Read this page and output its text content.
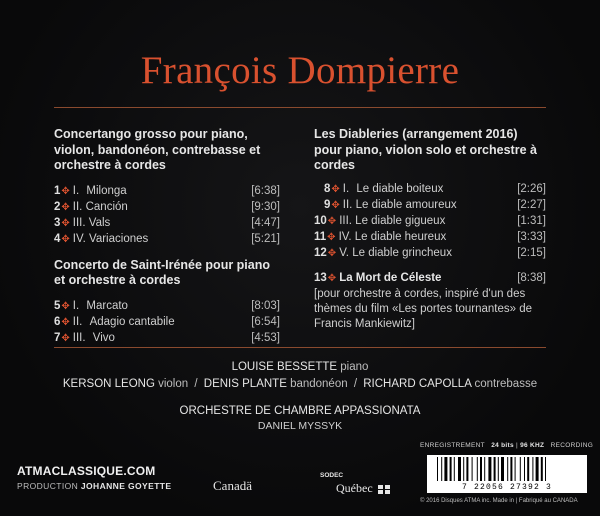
François Dompierre
Concertango grosso pour piano, violon, bandonéon, contrebasse et orchestre à cordes
1✥ I. Milonga	[6:38]
2✥ II. Canción	[9:30]
3✥ III. Vals	[4:47]
4✥ IV. Variaciones	[5:21]
Concerto de Saint-Irénée pour piano et orchestre à cordes
5✥ I. Marcato	[8:03]
6✥ II. Adagio cantabile	[6:54]
7✥ III. Vivo	[4:53]
Les Diableries (arrangement 2016) pour piano, violon solo et orchestre à cordes
8✥ I. Le diable boiteux	[2:26]
9✥ II. Le diable amoureux	[2:27]
10✥ III. Le diable gigueux	[1:31]
11✥ IV. Le diable heureux	[3:33]
12✥ V. Le diable grincheux	[2:15]
13✥ La Mort de Céleste	[8:38]
[pour orchestre à cordes, inspiré d'un des thèmes du film «Les portes tournantes» de Francis Mankiewitz]
LOUISE BESSETTE piano
KERSON LEONG violon / DENIS PLANTE bandonéon / RICHARD CAPOLLA contrebasse
ORCHESTRE DE CHAMBRE APPASSIONATA
DANIEL MYSSYK
ATMACLASSIQUE.COM
PRODUCTION JOHANNE GOYETTE	Canadä
SODEC
Québec
ENREGISTREMENT 24 bits | 96 KHZ RECORDING
7 22056 27392 3
© 2016 Disques ATMA inc. Made in | Fabriqué au CANADA
